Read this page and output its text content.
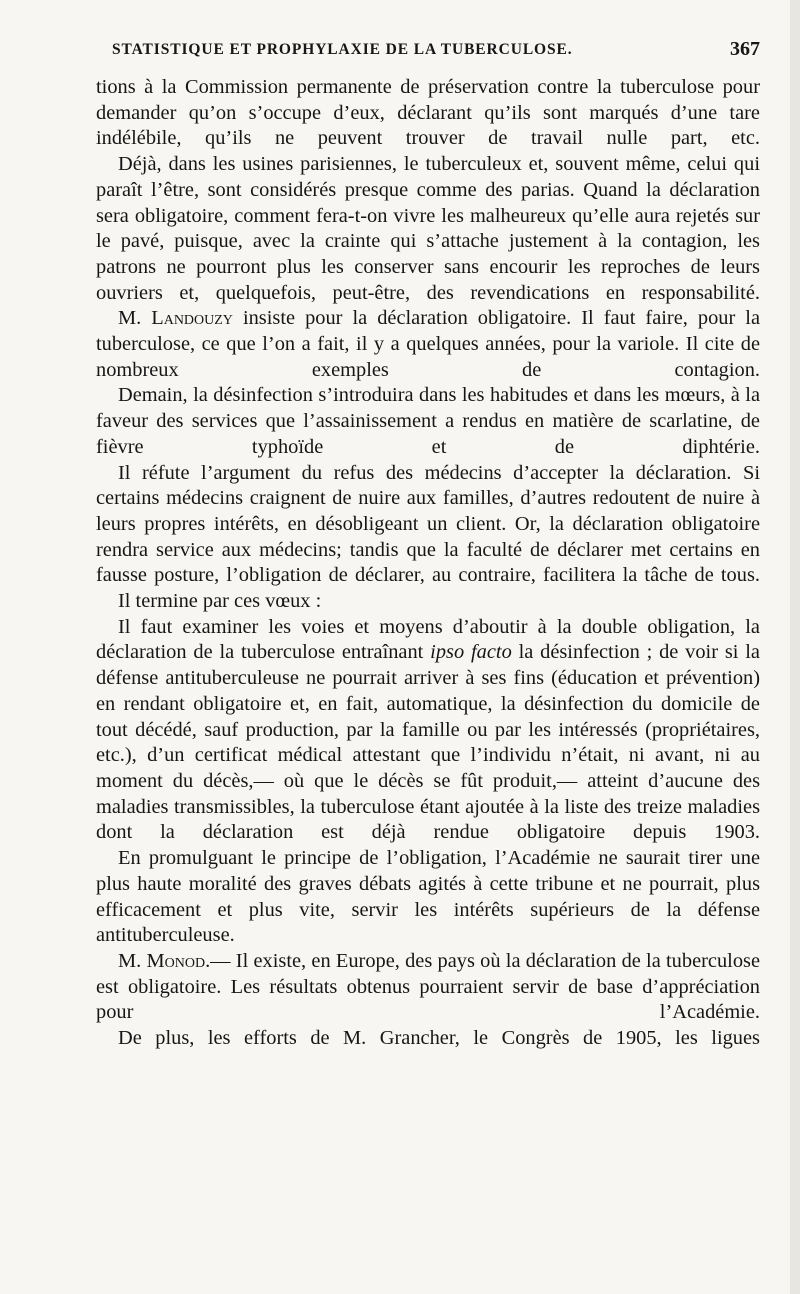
STATISTIQUE ET PROPHYLAXIE DE LA TUBERCULOSE.	367

tions à la Commission permanente de préservation contre la tuberculose pour demander qu’on s’occupe d’eux, déclarant qu’ils sont marqués d’une tare indélébile, qu’ils ne peuvent trouver de travail nulle part, etc.

Déjà, dans les usines parisiennes, le tuberculeux et, souvent même, celui qui paraît l’être, sont considérés presque comme des parias. Quand la déclaration sera obligatoire, comment fera-t-on vivre les malheureux qu’elle aura rejetés sur le pavé, puisque, avec la crainte qui s’attache justement à la contagion, les patrons ne pourront plus les conserver sans encourir les reproches de leurs ouvriers et, quelquefois, peut-être, des revendications en responsabilité.

M. Landouzy insiste pour la déclaration obligatoire. Il faut faire, pour la tuberculose, ce que l’on a fait, il y a quelques années, pour la variole. Il cite de nombreux exemples de contagion.

Demain, la désinfection s’introduira dans les habitudes et dans les mœurs, à la faveur des services que l’assainissement a rendus en matière de scarlatine, de fièvre typhoïde et de diphtérie.

Il réfute l’argument du refus des médecins d’accepter la déclaration. Si certains médecins craignent de nuire aux familles, d’autres redoutent de nuire à leurs propres intérêts, en désobligeant un client. Or, la déclaration obligatoire rendra service aux médecins; tandis que la faculté de déclarer met certains en fausse posture, l’obligation de déclarer, au contraire, facilitera la tâche de tous.

Il termine par ces vœux :

Il faut examiner les voies et moyens d’aboutir à la double obligation, la déclaration de la tuberculose entraînant ipso facto la désinfection ; de voir si la défense antituberculeuse ne pourrait arriver à ses fins (éducation et prévention) en rendant obligatoire et, en fait, automatique, la désinfection du domicile de tout décédé, sauf production, par la famille ou par les intéressés (propriétaires, etc.), d’un certificat médical attestant que l’individu n’était, ni avant, ni au moment du décès,— où que le décès se fût produit,— atteint d’aucune des maladies transmissibles, la tuberculose étant ajoutée à la liste des treize maladies dont la déclaration est déjà rendue obligatoire depuis 1903.

En promulguant le principe de l’obligation, l’Académie ne saurait tirer une plus haute moralité des graves débats agités à cette tribune et ne pourrait, plus efficacement et plus vite, servir les intérêts supérieurs de la défense antituberculeuse.

M. Monod.— Il existe, en Europe, des pays où la déclaration de la tuberculose est obligatoire. Les résultats obtenus pourraient servir de base d’appréciation pour l’Académie.

De plus, les efforts de M. Grancher, le Congrès de 1905, les ligues
